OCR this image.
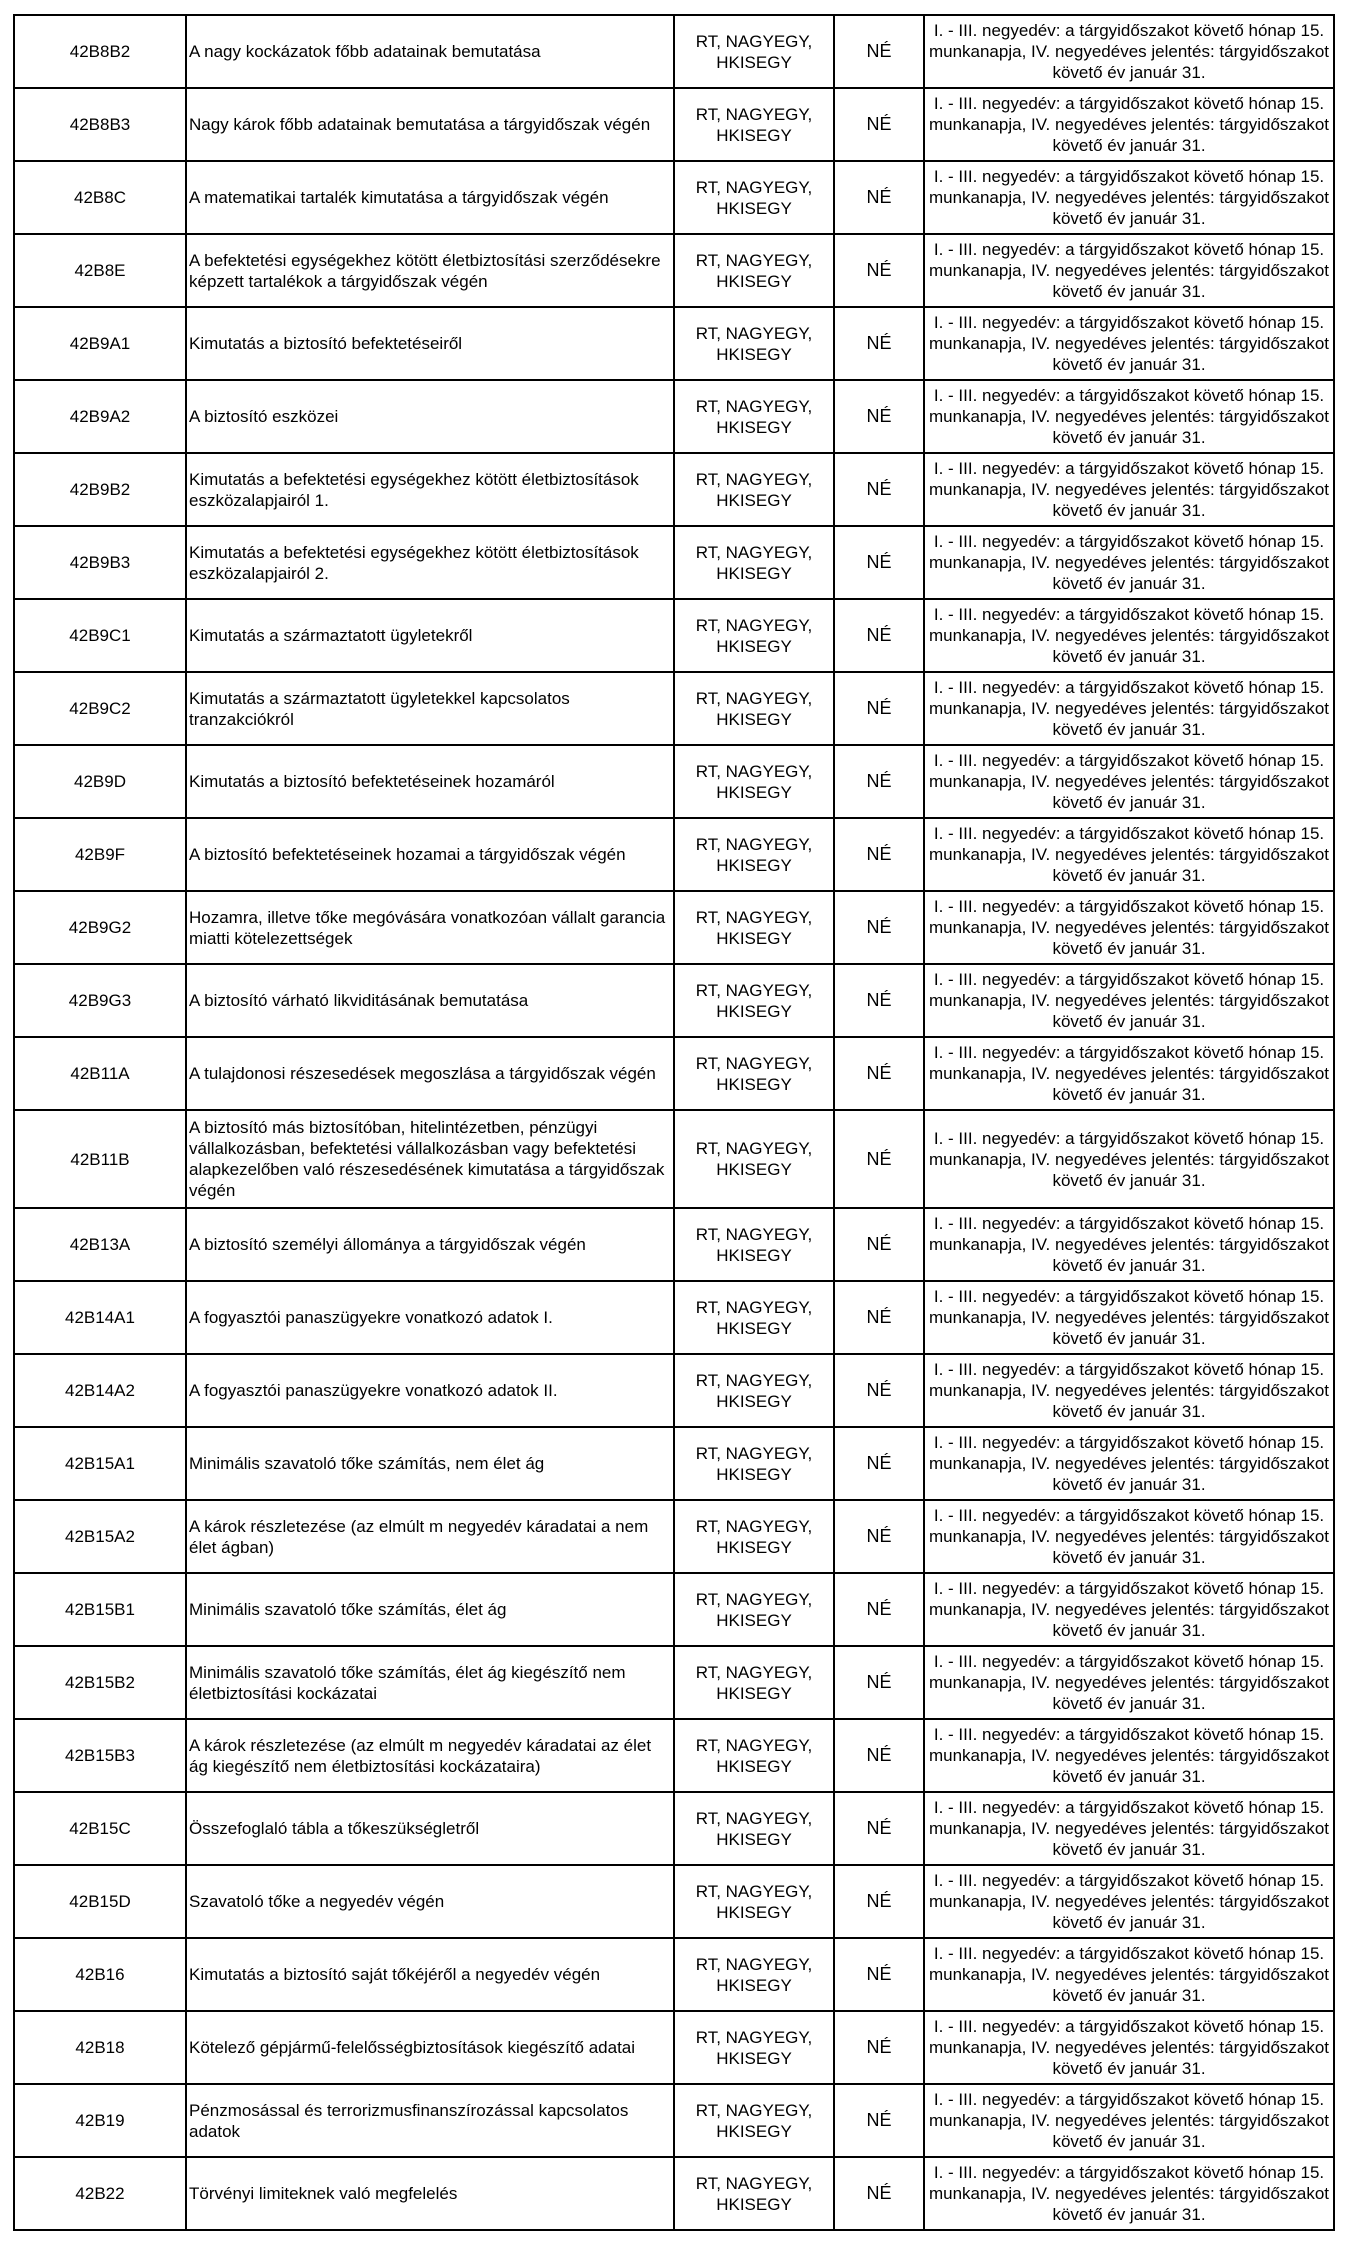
42B8B2	A nagy kockázatok főbb adatainak bemutatása	RT, NAGYEGY, HKISEGY	NÉ	I. - III. negyedév: a tárgyidőszakot követő hónap 15. munkanapja, IV. negyedéves jelentés: tárgyidőszakot követő év január 31.
42B8B3	Nagy károk főbb adatainak bemutatása a tárgyidőszak végén	RT, NAGYEGY, HKISEGY	NÉ	I. - III. negyedév: a tárgyidőszakot követő hónap 15. munkanapja, IV. negyedéves jelentés: tárgyidőszakot követő év január 31.
42B8C	A matematikai tartalék kimutatása a tárgyidőszak végén	RT, NAGYEGY, HKISEGY	NÉ	I. - III. negyedév: a tárgyidőszakot követő hónap 15. munkanapja, IV. negyedéves jelentés: tárgyidőszakot követő év január 31.
42B8E	A befektetési egységekhez kötött életbiztosítási szerződésekre képzett tartalékok a tárgyidőszak végén	RT, NAGYEGY, HKISEGY	NÉ	I. - III. negyedév: a tárgyidőszakot követő hónap 15. munkanapja, IV. negyedéves jelentés: tárgyidőszakot követő év január 31.
42B9A1	Kimutatás a biztosító befektetéseiről	RT, NAGYEGY, HKISEGY	NÉ	I. - III. negyedév: a tárgyidőszakot követő hónap 15. munkanapja, IV. negyedéves jelentés: tárgyidőszakot követő év január 31.
42B9A2	A biztosító eszközei	RT, NAGYEGY, HKISEGY	NÉ	I. - III. negyedév: a tárgyidőszakot követő hónap 15. munkanapja, IV. negyedéves jelentés: tárgyidőszakot követő év január 31.
42B9B2	Kimutatás a befektetési egységekhez kötött életbiztosítások eszközalapjairól 1.	RT, NAGYEGY, HKISEGY	NÉ	I. - III. negyedév: a tárgyidőszakot követő hónap 15. munkanapja, IV. negyedéves jelentés: tárgyidőszakot követő év január 31.
42B9B3	Kimutatás a befektetési egységekhez kötött életbiztosítások eszközalapjairól 2.	RT, NAGYEGY, HKISEGY	NÉ	I. - III. negyedév: a tárgyidőszakot követő hónap 15. munkanapja, IV. negyedéves jelentés: tárgyidőszakot követő év január 31.
42B9C1	Kimutatás a származtatott ügyletekről	RT, NAGYEGY, HKISEGY	NÉ	I. - III. negyedév: a tárgyidőszakot követő hónap 15. munkanapja, IV. negyedéves jelentés: tárgyidőszakot követő év január 31.
42B9C2	Kimutatás a származtatott ügyletekkel kapcsolatos tranzakciókról	RT, NAGYEGY, HKISEGY	NÉ	I. - III. negyedév: a tárgyidőszakot követő hónap 15. munkanapja, IV. negyedéves jelentés: tárgyidőszakot követő év január 31.
42B9D	Kimutatás a biztosító befektetéseinek hozamáról	RT, NAGYEGY, HKISEGY	NÉ	I. - III. negyedév: a tárgyidőszakot követő hónap 15. munkanapja, IV. negyedéves jelentés: tárgyidőszakot követő év január 31.
42B9F	A biztosító befektetéseinek hozamai a tárgyidőszak végén	RT, NAGYEGY, HKISEGY	NÉ	I. - III. negyedév: a tárgyidőszakot követő hónap 15. munkanapja, IV. negyedéves jelentés: tárgyidőszakot követő év január 31.
42B9G2	Hozamra, illetve tőke megóvására vonatkozóan vállalt garancia miatti kötelezettségek	RT, NAGYEGY, HKISEGY	NÉ	I. - III. negyedév: a tárgyidőszakot követő hónap 15. munkanapja, IV. negyedéves jelentés: tárgyidőszakot követő év január 31.
42B9G3	A biztosító várható likviditásának bemutatása	RT, NAGYEGY, HKISEGY	NÉ	I. - III. negyedév: a tárgyidőszakot követő hónap 15. munkanapja, IV. negyedéves jelentés: tárgyidőszakot követő év január 31.
42B11A	A tulajdonosi részesedések megoszlása a tárgyidőszak végén	RT, NAGYEGY, HKISEGY	NÉ	I. - III. negyedév: a tárgyidőszakot követő hónap 15. munkanapja, IV. negyedéves jelentés: tárgyidőszakot követő év január 31.
42B11B	A biztosító más biztosítóban, hitelintézetben, pénzügyi vállalkozásban, befektetési vállalkozásban vagy befektetési alapkezelőben való részesedésének kimutatása a tárgyidőszak végén	RT, NAGYEGY, HKISEGY	NÉ	I. - III. negyedév: a tárgyidőszakot követő hónap 15. munkanapja, IV. negyedéves jelentés: tárgyidőszakot követő év január 31.
42B13A	A biztosító személyi állománya a tárgyidőszak végén	RT, NAGYEGY, HKISEGY	NÉ	I. - III. negyedév: a tárgyidőszakot követő hónap 15. munkanapja, IV. negyedéves jelentés: tárgyidőszakot követő év január 31.
42B14A1	A fogyasztói panaszügyekre vonatkozó adatok I.	RT, NAGYEGY, HKISEGY	NÉ	I. - III. negyedév: a tárgyidőszakot követő hónap 15. munkanapja, IV. negyedéves jelentés: tárgyidőszakot követő év január 31.
42B14A2	A fogyasztói panaszügyekre vonatkozó adatok II.	RT, NAGYEGY, HKISEGY	NÉ	I. - III. negyedév: a tárgyidőszakot követő hónap 15. munkanapja, IV. negyedéves jelentés: tárgyidőszakot követő év január 31.
42B15A1	Minimális szavatoló tőke számítás, nem élet ág	RT, NAGYEGY, HKISEGY	NÉ	I. - III. negyedév: a tárgyidőszakot követő hónap 15. munkanapja, IV. negyedéves jelentés: tárgyidőszakot követő év január 31.
42B15A2	A károk részletezése (az elmúlt m negyedév káradatai a nem élet ágban)	RT, NAGYEGY, HKISEGY	NÉ	I. - III. negyedév: a tárgyidőszakot követő hónap 15. munkanapja, IV. negyedéves jelentés: tárgyidőszakot követő év január 31.
42B15B1	Minimális szavatoló tőke számítás, élet ág	RT, NAGYEGY, HKISEGY	NÉ	I. - III. negyedév: a tárgyidőszakot követő hónap 15. munkanapja, IV. negyedéves jelentés: tárgyidőszakot követő év január 31.
42B15B2	Minimális szavatoló tőke számítás, élet ág kiegészítő nem életbiztosítási kockázatai	RT, NAGYEGY, HKISEGY	NÉ	I. - III. negyedév: a tárgyidőszakot követő hónap 15. munkanapja, IV. negyedéves jelentés: tárgyidőszakot követő év január 31.
42B15B3	A károk részletezése (az elmúlt m negyedév káradatai az élet ág kiegészítő nem életbiztosítási kockázataira)	RT, NAGYEGY, HKISEGY	NÉ	I. - III. negyedév: a tárgyidőszakot követő hónap 15. munkanapja, IV. negyedéves jelentés: tárgyidőszakot követő év január 31.
42B15C	Összefoglaló tábla a tőkeszükségletről	RT, NAGYEGY, HKISEGY	NÉ	I. - III. negyedév: a tárgyidőszakot követő hónap 15. munkanapja, IV. negyedéves jelentés: tárgyidőszakot követő év január 31.
42B15D	Szavatoló tőke a negyedév végén	RT, NAGYEGY, HKISEGY	NÉ	I. - III. negyedév: a tárgyidőszakot követő hónap 15. munkanapja, IV. negyedéves jelentés: tárgyidőszakot követő év január 31.
42B16	Kimutatás a biztosító saját tőkéjéről a negyedév végén	RT, NAGYEGY, HKISEGY	NÉ	I. - III. negyedév: a tárgyidőszakot követő hónap 15. munkanapja, IV. negyedéves jelentés: tárgyidőszakot követő év január 31.
42B18	Kötelező gépjármű-felelősségbiztosítások kiegészítő adatai	RT, NAGYEGY, HKISEGY	NÉ	I. - III. negyedév: a tárgyidőszakot követő hónap 15. munkanapja, IV. negyedéves jelentés: tárgyidőszakot követő év január 31.
42B19	Pénzmosással és terrorizmusfinanszírozással kapcsolatos adatok	RT, NAGYEGY, HKISEGY	NÉ	I. - III. negyedév: a tárgyidőszakot követő hónap 15. munkanapja, IV. negyedéves jelentés: tárgyidőszakot követő év január 31.
42B22	Törvényi limiteknek való megfelelés	RT, NAGYEGY, HKISEGY	NÉ	I. - III. negyedév: a tárgyidőszakot követő hónap 15. munkanapja, IV. negyedéves jelentés: tárgyidőszakot követő év január 31.
